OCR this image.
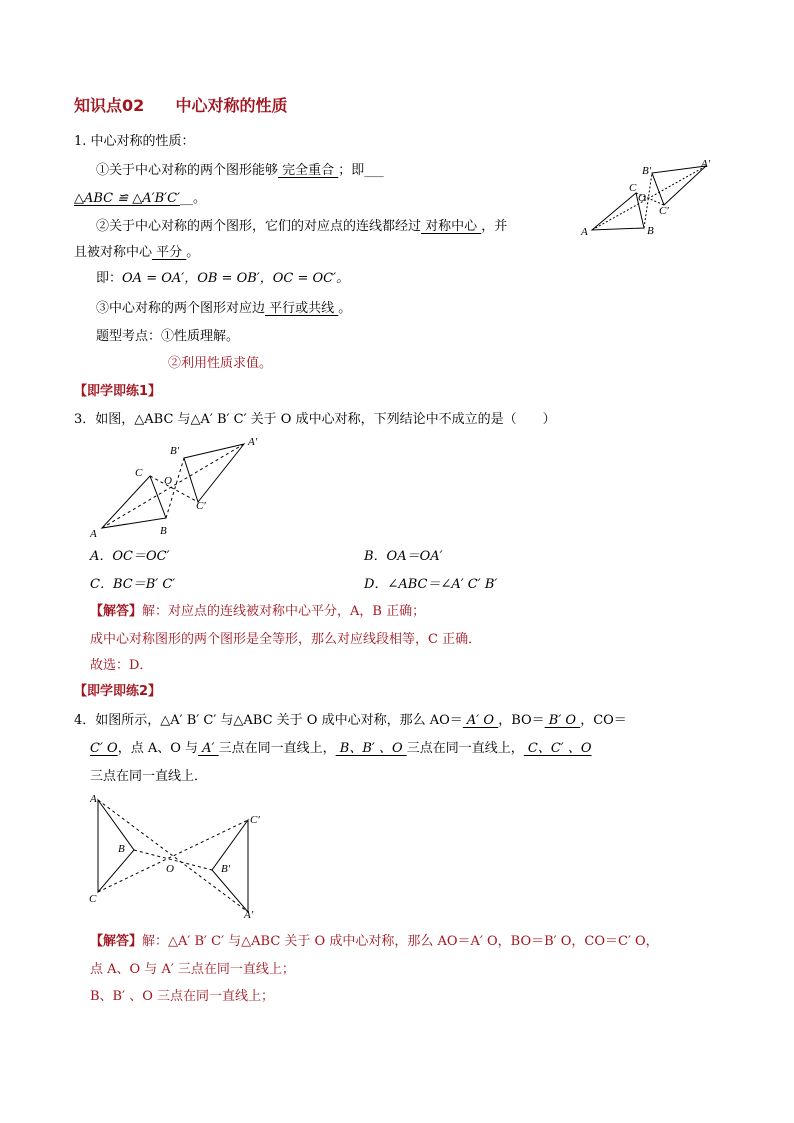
知识点02 中心对称的性质
1. 中心对称的性质：
①关于中心对称的两个图形能够 完全重合 ；即___
△ABC ≌ △A′B′C′__。
②关于中心对称的两个图形，它们的对应点的连线都经过 对称中心 ，并
且被对称中心 平分 。
即：OA = OA′，OB = OB′，OC = OC′。
③中心对称的两个图形对应边 平行或共线 。
题型考点：①性质理解。
②利用性质求值。
A	B
C
O
A′
B′
C′
【即学即练1】
3．如图，△ABC 与△A′ B′ C′ 关于 O 成中心对称，下列结论中不成立的是（　　）
A	B
C
O
A′
B′
C′
A．OC＝OC′	B．OA＝OA′
C．BC＝B′ C′	D．∠ABC＝∠A′ C′ B′
【解答】解：对应点的连线被对称中心平分，A，B 正确；
成中心对称图形的两个图形是全等形，那么对应线段相等，C 正确．
故选：D．
【即学即练2】
4．如图所示，△A′ B′ C′ 与△ABC 关于 O 成中心对称，那么 AO＝ A′ O ，BO＝ B′ O ，CO＝
C′ O，点 A、O 与 A′ 三点在同一直线上， B、B′ 、O 三点在同一直线上， C、C′ 、O
三点在同一直线上．
A
B
C
O
C′
B′
A′
【解答】解：△A′ B′ C′ 与△ABC 关于 O 成中心对称，那么 AO＝A′ O，BO＝B′ O，CO＝C′ O，
点 A、O 与 A′ 三点在同一直线上；
B、B′ 、O 三点在同一直线上；
